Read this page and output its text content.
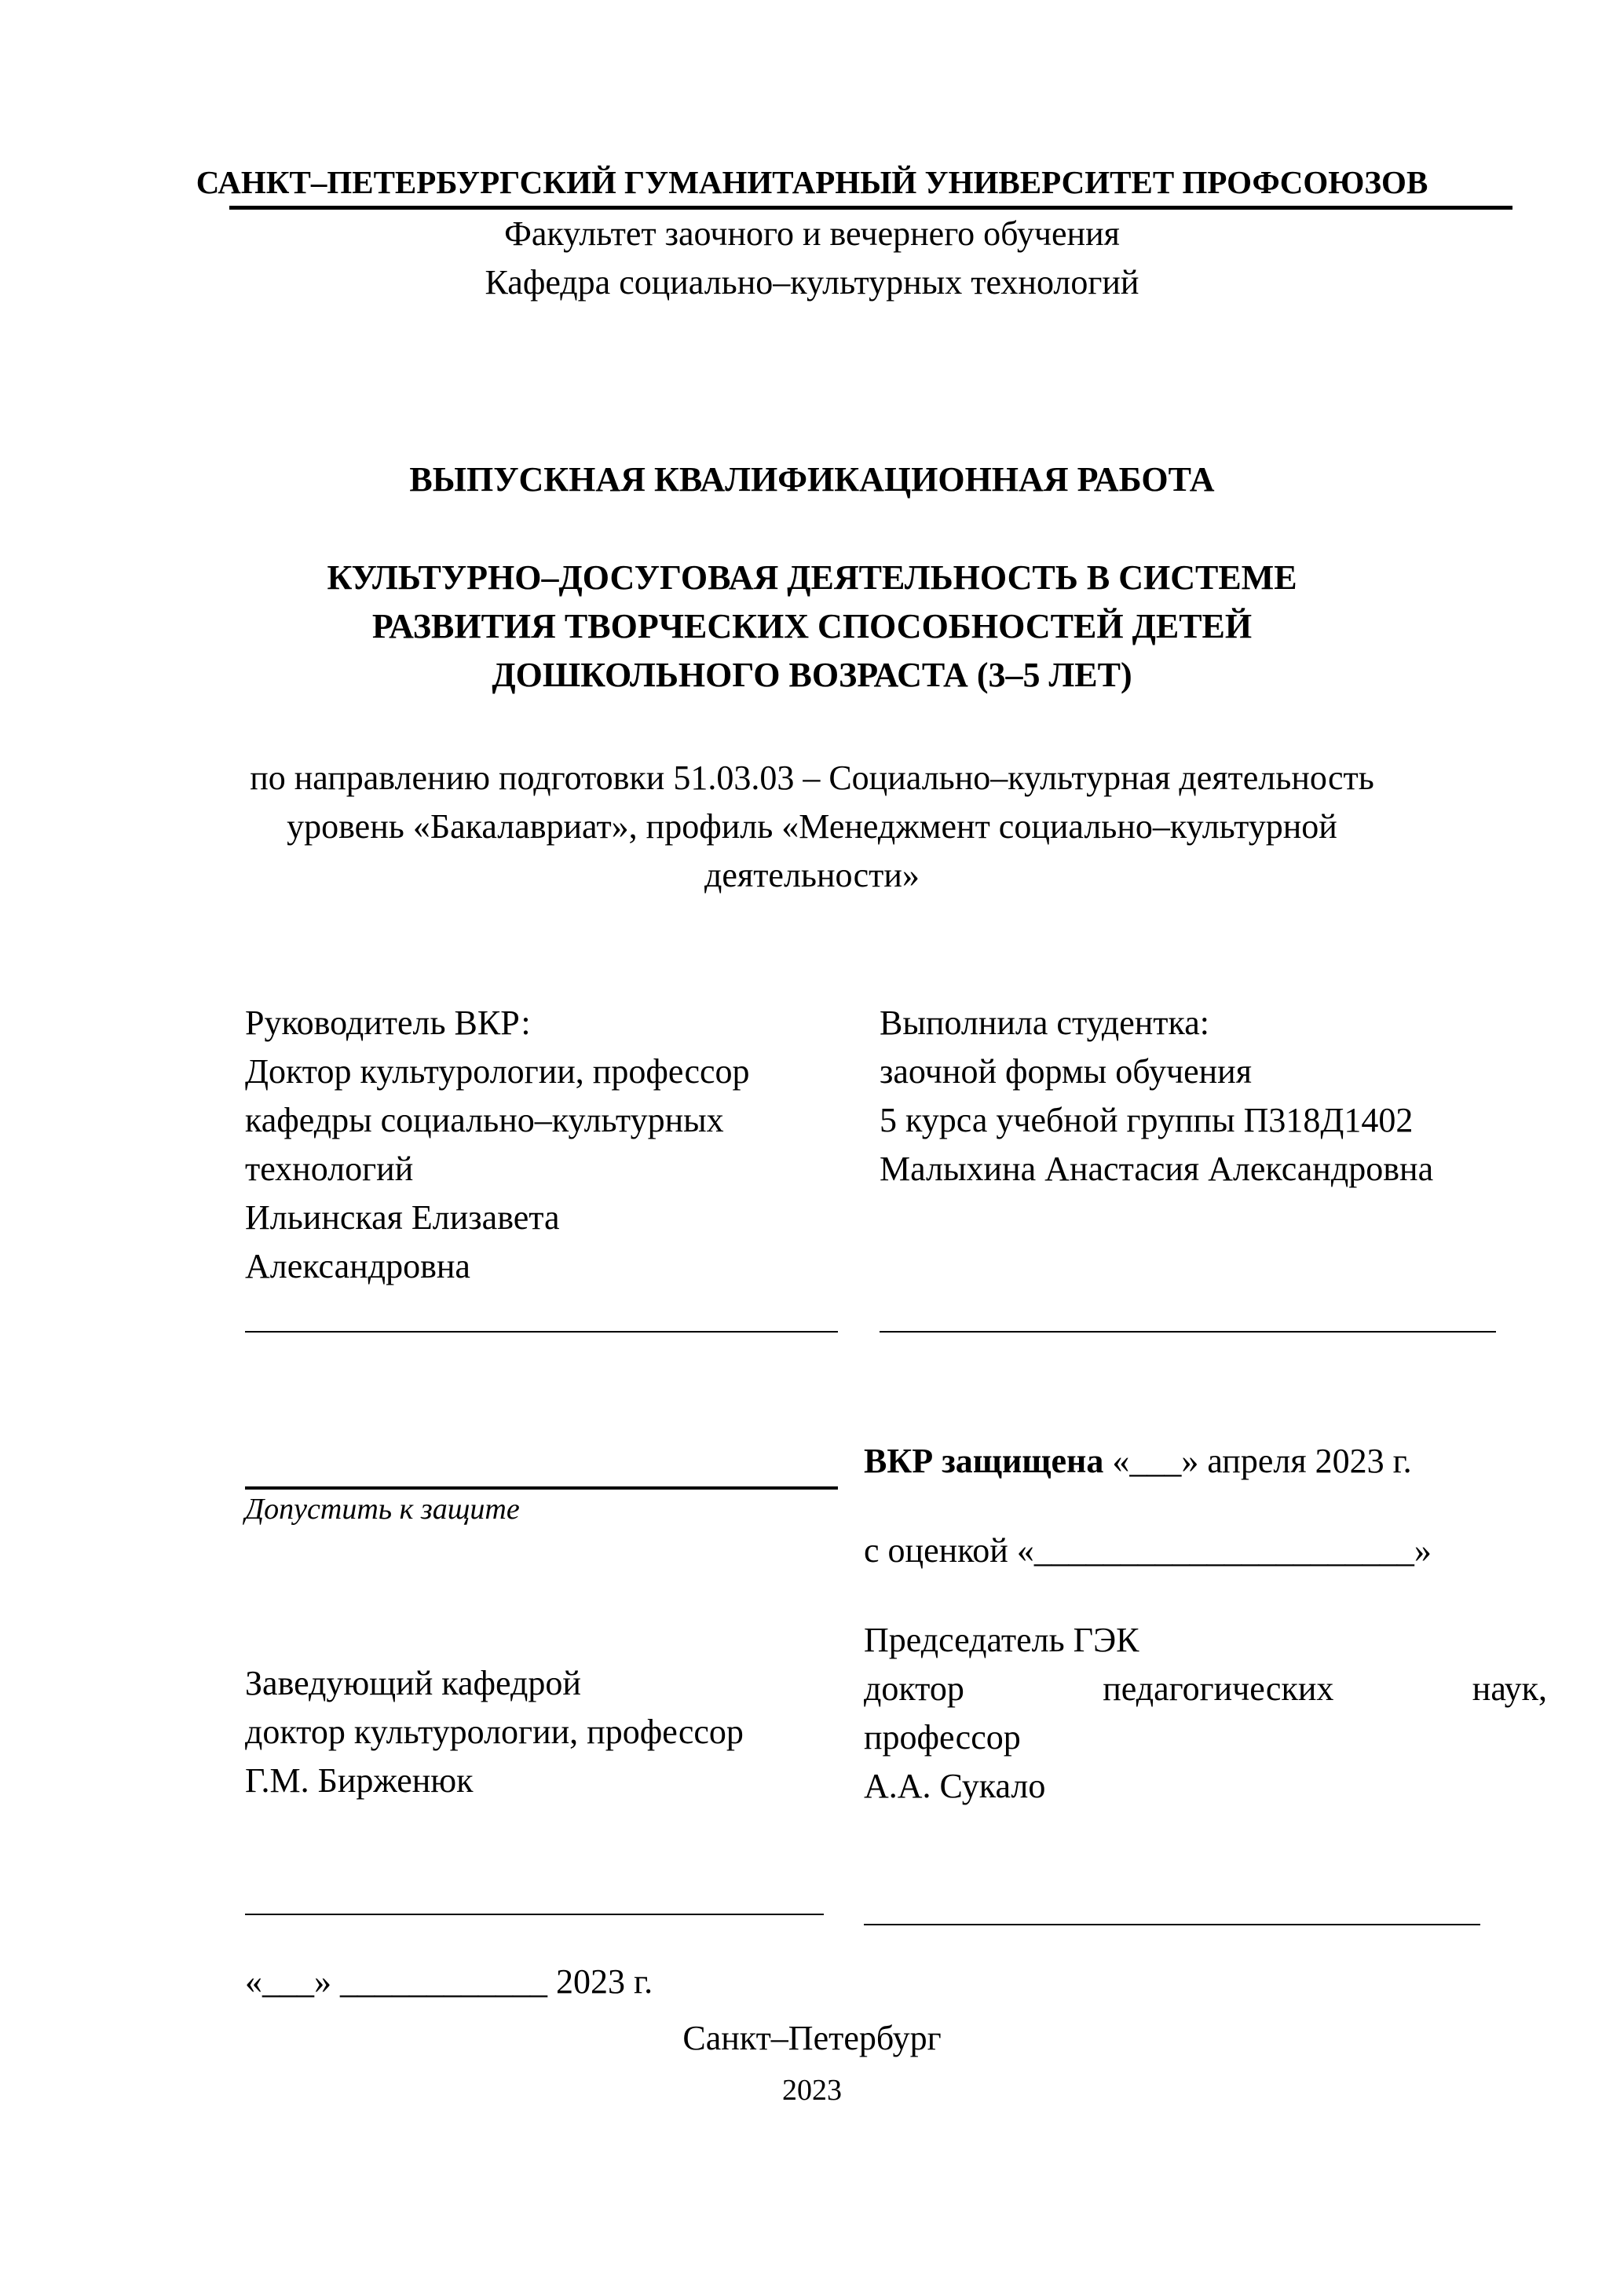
САНКТ–ПЕТЕРБУРГСКИЙ ГУМАНИТАРНЫЙ УНИВЕРСИТЕТ ПРОФСОЮЗОВ

Факультет заочного и вечернего обучения

Кафедра социально–культурных технологий

ВЫПУСКНАЯ КВАЛИФИКАЦИОННАЯ РАБОТА

КУЛЬТУРНО–ДОСУГОВАЯ ДЕЯТЕЛЬНОСТЬ В СИСТЕМЕ
РАЗВИТИЯ ТВОРЧЕСКИХ СПОСОБНОСТЕЙ ДЕТЕЙ
ДОШКОЛЬНОГО ВОЗРАСТА (3–5 ЛЕТ)
по направлению подготовки 51.03.03 – Социально–культурная деятельность
уровень «Бакалавриат», профиль «Менеджмент социально–культурной
деятельности»
Руководитель ВКР:
Доктор культурологии, профессор
кафедры социально–культурных
технологий
Ильинская Елизавета
Александровна
Выполнила студентка:
заочной формы обучения
5 курса учебной группы П318Д1402
Малыхина Анастасия Александровна

Допустить к защите

ВКР защищена «___» апреля 2023 г.

с оценкой «______________________»

Заведующий кафедрой
доктор культурологии, профессор
Г.М. Бирженюк
Председатель ГЭК
доктор	педагогических	наук,
профессор
А.А. Сукало

«___» ____________ 2023 г.

Санкт–Петербург

2023
